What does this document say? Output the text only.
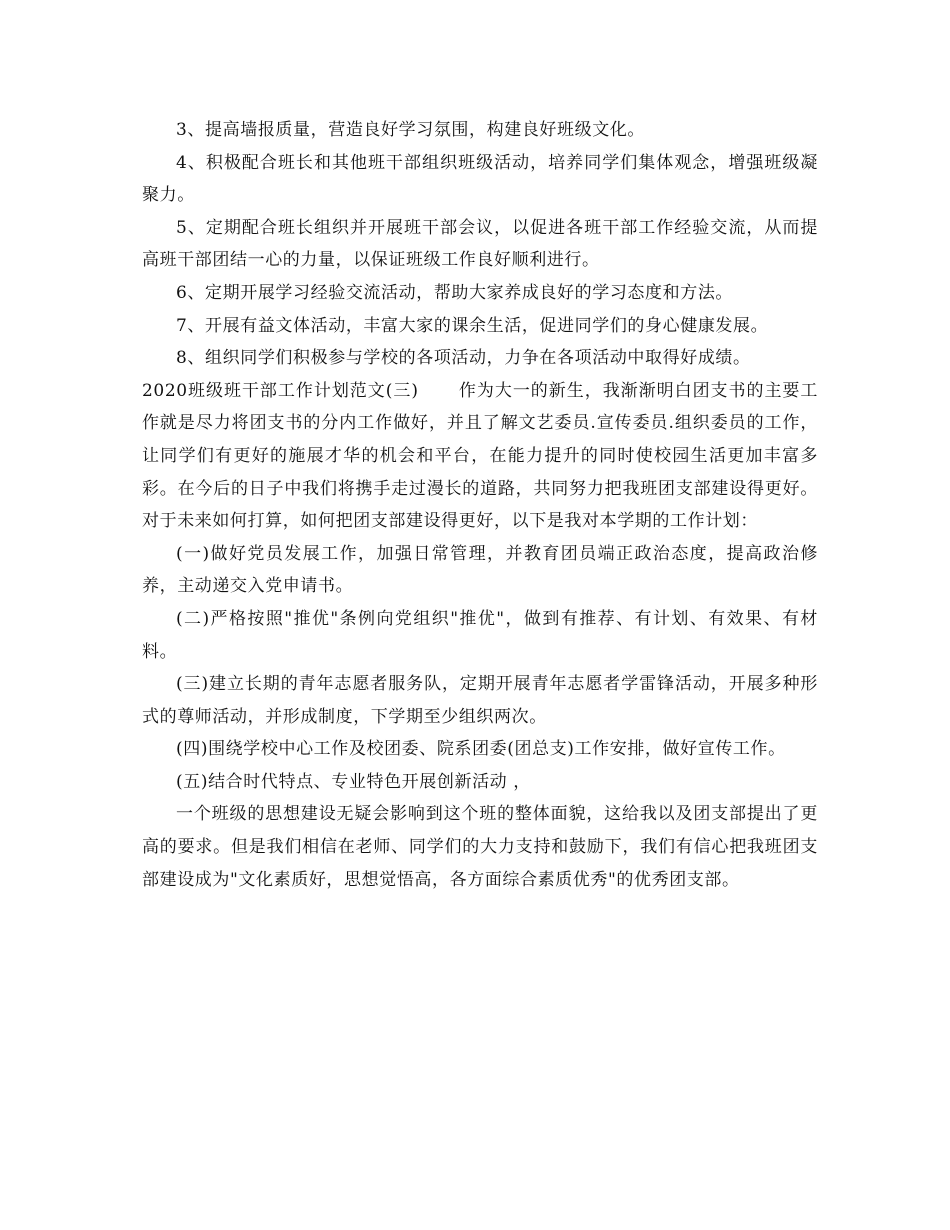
3、提高墙报质量，营造良好学习氛围，构建良好班级文化。

4、积极配合班长和其他班干部组织班级活动，培养同学们集体观念，增强班级凝聚力。

5、定期配合班长组织并开展班干部会议，以促进各班干部工作经验交流，从而提高班干部团结一心的力量，以保证班级工作良好顺利进行。

6、定期开展学习经验交流活动，帮助大家养成良好的学习态度和方法。

7、开展有益文体活动，丰富大家的课余生活，促进同学们的身心健康发展。

8、组织同学们积极参与学校的各项活动，力争在各项活动中取得好成绩。

2020班级班干部工作计划范文(三) 作为大一的新生，我渐渐明白团支书的主要工作就是尽力将团支书的分内工作做好，并且了解文艺委员.宣传委员.组织委员的工作，让同学们有更好的施展才华的机会和平台，在能力提升的同时使校园生活更加丰富多彩。在今后的日子中我们将携手走过漫长的道路，共同努力把我班团支部建设得更好。对于未来如何打算，如何把团支部建设得更好，以下是我对本学期的工作计划：

(一)做好党员发展工作，加强日常管理，并教育团员端正政治态度，提高政治修养，主动递交入党申请书。

(二)严格按照"推优"条例向党组织"推优"，做到有推荐、有计划、有效果、有材料。

(三)建立长期的青年志愿者服务队，定期开展青年志愿者学雷锋活动，开展多种形式的尊师活动，并形成制度，下学期至少组织两次。

(四)围绕学校中心工作及校团委、院系团委(团总支)工作安排，做好宣传工作。

(五)结合时代特点、专业特色开展创新活动 ，

一个班级的思想建设无疑会影响到这个班的整体面貌，这给我以及团支部提出了更高的要求。但是我们相信在老师、同学们的大力支持和鼓励下，我们有信心把我班团支部建设成为"文化素质好，思想觉悟高，各方面综合素质优秀"的优秀团支部。
